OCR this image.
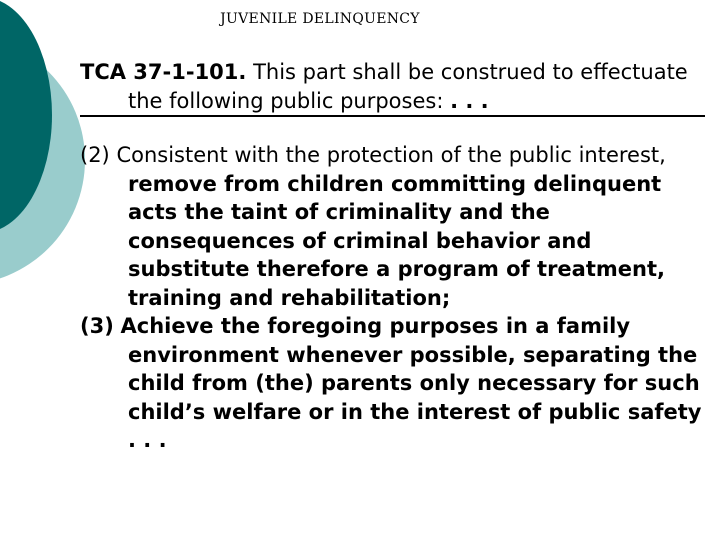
JUVENILE DELINQUENCY
TCA 37-1-101. This part shall be construed to effectuate the following public purposes: . . .
(2) Consistent with the protection of the public interest, remove from children committing delinquent acts the taint of criminality and the consequences of criminal behavior and substitute therefore a program of treatment, training and rehabilitation;
(3) Achieve the foregoing purposes in a family environment whenever possible, separating the child from (the) parents only necessary for such child’s welfare or in the interest of public safety . . .
